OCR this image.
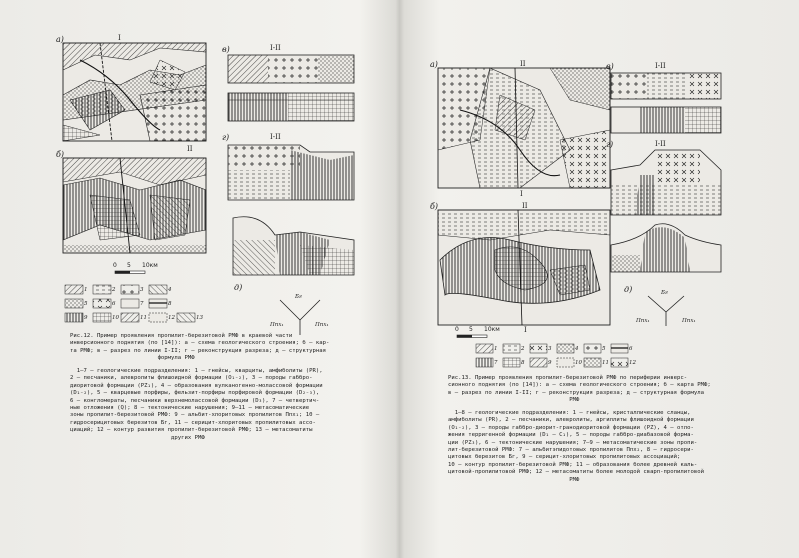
а)
б)
в)
г)
д)
I
I-II
I-II
II
0 5 10км
1	2	3	4
5	6	7	8
9	10	11	12	13
Бг
Ппх₁	Ппх₁
Рис.12. Пример проявления пропилит-березитовой РМФ в краевой части
инверсионного поднятия (по [14]): а – схема геологического строения; б – кар-
та РМФ; в – разрез по линии I-II; г – реконструкция разреза; д – структурная
формула РМФ
1–7 – геологические подразделения: 1 – гнейсы, кварциты, амфиболиты (PR),
2 – песчаники, алевролиты флишоидной формации (O₁₋₂), 3 – породы габбро-
диоритовой формации (PZ₁), 4 – образования вулканогенно-молассовой формации
(D₁₋₂), 5 – кварцевые порфиры, фельзит-порфиры порфировой формации (D₂₋₃),
6 – конгломераты, песчаники верхнемолассовой формации (D₃), 7 – четвертич-
ные отложения (Q); 8 – тектонические нарушения; 9–11 – метасоматические
зоны пропилит-березитовой РМФ: 9 – альбит-хлоритовых пропилитов Ппх₁; 10 –
гидросерицитовых березитов Бг, 11 – серицит-хлоритовых пропилитовых ассо-
циаций; 12 – контур развития пропилит-березитовой РМФ; 13 – метасоматиты
других РМФ
а)
б)
в)
г)
д)
II	I-II
I-II
I
II
I
0 5 10км
1	2	3	4	5	6
7	8	9	10	11	12
Бг
Ппх₁	Ппх₁
Рис.13. Пример проявления пропилит-березитовой РМФ по периферии инверс-
сионного поднятия (по [14]): а – схема геологического строения; б – карта РМФ;
в – разрез по линии I-II; г – реконструкция разреза; д – структурная формула
РМФ
1–8 – геологические подразделения: 1 – гнейсы, кристаллические сланцы,
амфиболиты (PR), 2 – песчаники, алевролиты, аргиллиты флишоидной формации
(O₁₋₂), 3 – породы габбро-диорит-гранодиоритовой формации (PZ), 4 – отло-
жения терригенной формации (D₁ – C₁), 5 – породы габбро-диабазовой форма-
ции (PZ₃), 6 – тектонические нарушения; 7–9 – метасоматические зоны пропи-
лит-березитовой РМФ: 7 – альбитэпидотовых пропилитов Ппх₂, 8 – гидросери-
цитовых березитов Бг, 9 – серицит-хлоритовых пропилитовых ассоциаций;
10 – контур пропилит-березитовой РМФ; 11 – образования более древней каль-
цитовой-пропилитовой РМФ; 12 – метасоматиты более молодой сварп-пропилитовой
РМФ
